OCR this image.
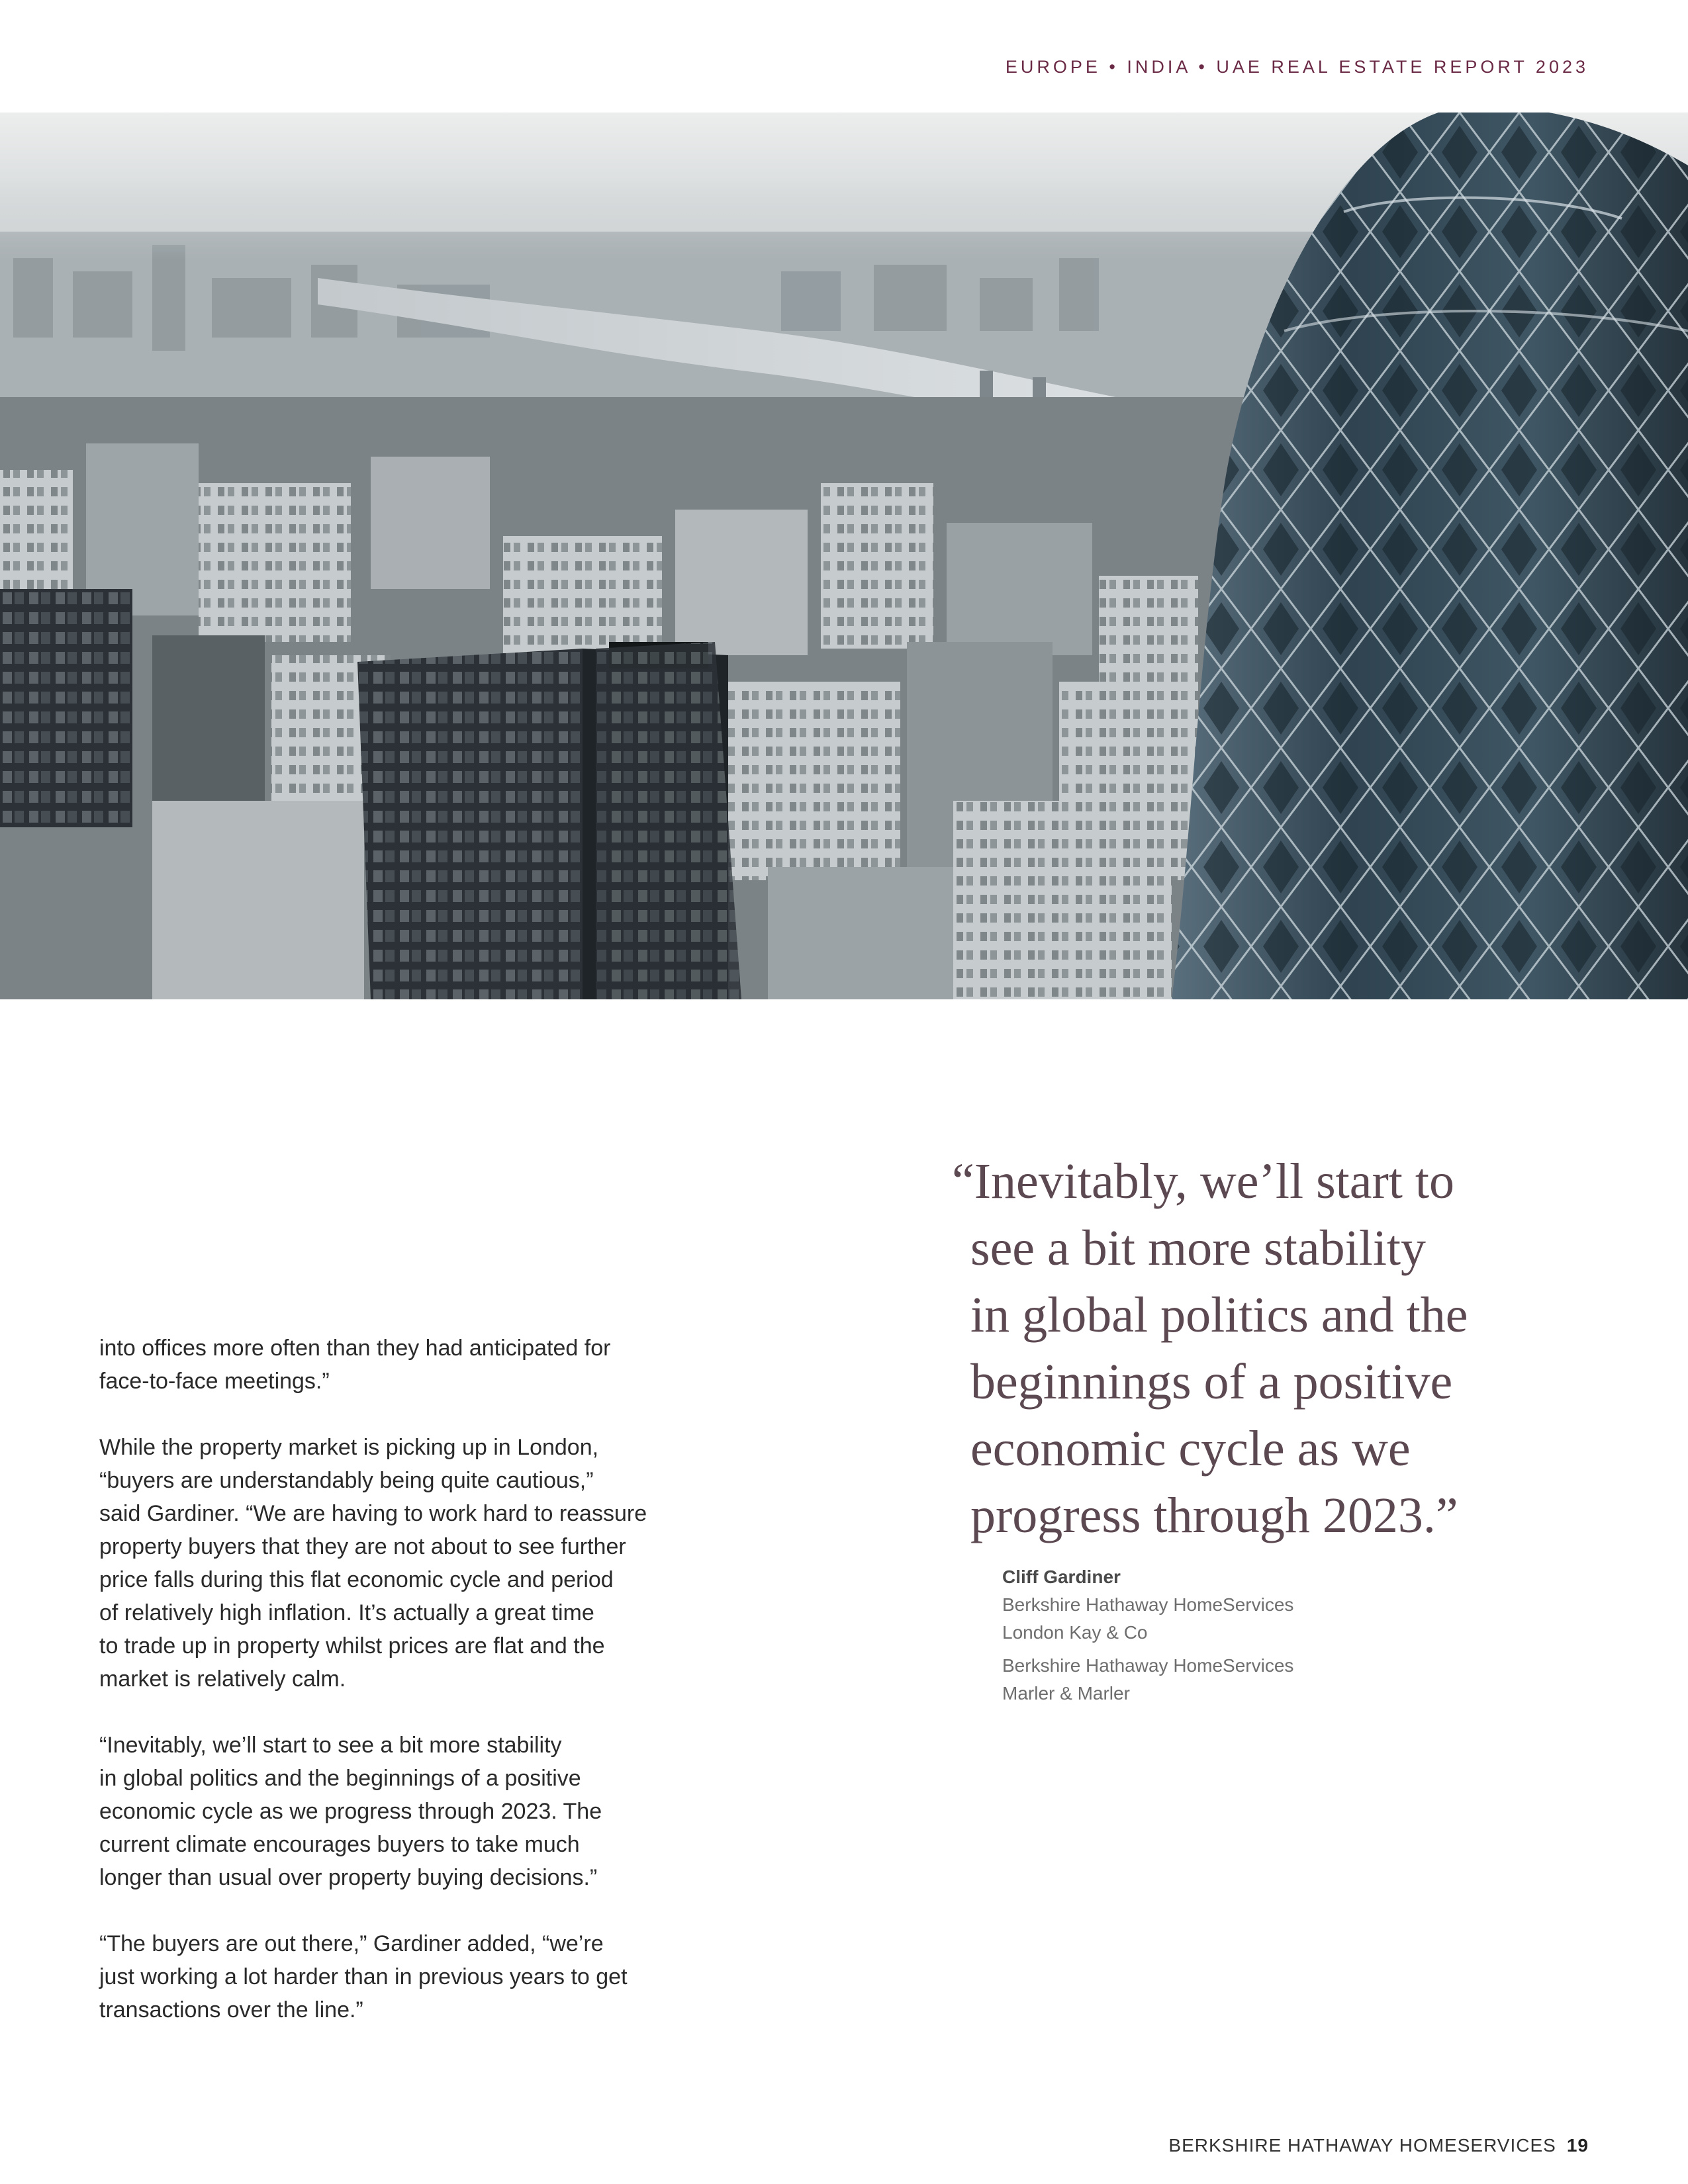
EUROPE • INDIA • UAE REAL ESTATE REPORT 2023

into offices more often than they had anticipated for
face-to-face meetings.”

While the property market is picking up in London,
“buyers are understandably being quite cautious,”
said Gardiner. “We are having to work hard to reassure
property buyers that they are not about to see further
price falls during this flat economic cycle and period
of relatively high inflation. It’s actually a great time
to trade up in property whilst prices are flat and the
market is relatively calm.

“Inevitably, we’ll start to see a bit more stability
in global politics and the beginnings of a positive
economic cycle as we progress through 2023. The
current climate encourages buyers to take much
longer than usual over property buying decisions.”

“The buyers are out there,” Gardiner added, “we’re
just working a lot harder than in previous years to get
transactions over the line.”

“Inevitably, we’ll start to
see a bit more stability
in global politics and the
beginnings of a positive
economic cycle as we
progress through 2023.”
Cliff Gardiner
Berkshire Hathaway HomeServices
London Kay & Co
Berkshire Hathaway HomeServices
Marler & Marler
BERKSHIRE HATHAWAY HOMESERVICES 19
